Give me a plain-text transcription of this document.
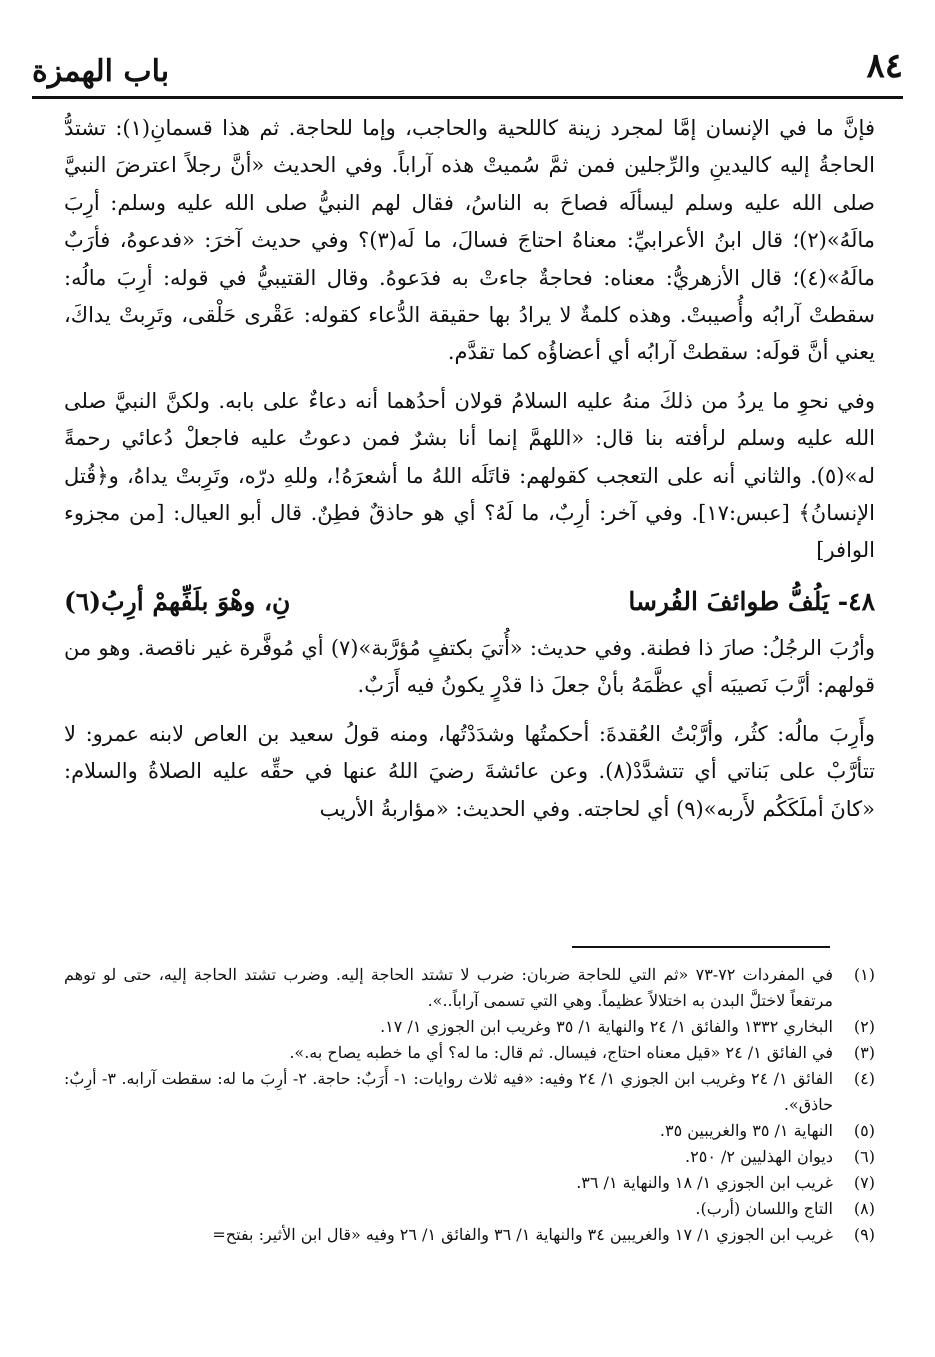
٨٤
باب الهمزة

فإنَّ ما في الإنسان إمَّا لمجرد زينة كاللحية والحاجب، وإما للحاجة. ثم هذا قسمانِ(١): تشتدُّ الحاجةُ إليه كاليدينِ والرِّجلين فمن ثمَّ سُميتْ هذه آراباً. وفي الحديث «أنَّ رجلاً اعترضَ النبيَّ صلى الله عليه وسلم ليسألَه فصاحَ به الناسُ، فقال لهم النبيُّ صلى الله عليه وسلم: أرِبَ مالَهُ»(٢)؛ قال ابنُ الأعرابيِّ: معناهُ احتاجَ فسالَ، ما لَه(٣)؟ وفي حديث آخرَ: «فدعوهُ، فأرَبٌ مالَهُ»(٤)؛ قال الأزهريُّ: معناه: فحاجةٌ جاءتْ به فدَعوهُ. وقال القتيبيُّ في قوله: أرِبَ مالُه: سقطتْ آرابُه وأُصيبتْ. وهذه كلمةٌ لا يرادُ بها حقيقة الدُّعاء كقوله: عَقْرى حَلْقى، وتَرِبتْ يداكَ، يعني أنَّ قولَه: سقطتْ آرابُه أي أعضاؤُه كما تقدَّم.

وفي نحوِ ما يردُ من ذلكَ منهُ عليه السلامُ قولان أحدُهما أنه دعاءٌ على بابه. ولكنَّ النبيَّ صلى الله عليه وسلم لرأفته بنا قال: «اللهمَّ إنما أنا بشرٌ فمن دعوتُ عليه فاجعلْ دُعائي رحمةً له»(٥). والثاني أنه على التعجب كقولهم: قاتَلَه اللهُ ما أشعرَهُ!، وللهِ درّه، وتَرِبتْ يداهُ، و﴿قُتل الإنسانُ﴾ [عبس:١٧]. وفي آخر: أرِبٌ، ما لَهُ؟ أي هو حاذقٌ فطِنٌ. قال أبو العيال: [من مجزوء الوافر]

٤٨- يَلُفُّ طوائفَ الفُرسا
نِ، وهْوَ بلَفِّهمْ أرِبُ(٦)

وأرُبَ الرجُلُ: صارَ ذا فطنة. وفي حديث: «أُتيَ بكتفٍ مُؤرَّبة»(٧) أي مُوفَّرة غير ناقصة. وهو من قولهم: أرَّبَ نَصيبَه أي عظَّمَهُ بأنْ جعلَ ذا قدْرٍ يكونُ فيه أَرَبٌ.

وأَرِبَ مالُه: كثُر، وأرَّبْتُ العُقدةَ: أحكمتُها وشدَدْتُها، ومنه قولُ سعيد بن العاص لابنه عمرو: لا تتأرَّبْ على بَناتي أي تتشدَّدْ(٨). وعن عائشةَ رضيَ اللهُ عنها في حقِّه عليه الصلاةُ والسلام: «كانَ أملَكَكُم لأَربه»(٩) أي لحاجته. وفي الحديث: «مؤاربةُ الأريب

(١)
في المفردات ٧٢-٧٣ «ثم التي للحاجة ضربان: ضرب لا تشتد الحاجة إليه. وضرب تشتد الحاجة إليه، حتى لو توهم مرتفعاً لاختلَّ البدن به اختلالاً عظيماً. وهي التي تسمى آراباً..».
(٢)
البخاري ١٣٣٢ والفائق ١/ ٢٤ والنهاية ١/ ٣٥ وغريب ابن الجوزي ١/ ١٧.
(٣)
في الفائق ١/ ٢٤ «قيل معناه احتاج، فيسال. ثم قال: ما له؟ أي ما خطبه يصاح به.».
(٤)
الفائق ١/ ٢٤ وغريب ابن الجوزي ١/ ٢٤ وفيه: «فيه ثلاث روايات: ١- أَرَبٌ: حاجة. ٢- أرِبَ ما له: سقطت آرابه. ٣- أرِبٌ: حاذق».
(٥)
النهاية ١/ ٣٥ والغريبين ٣٥.
(٦)
ديوان الهذليين ٢/ ٢٥٠.
(٧)
غريب ابن الجوزي ١/ ١٨ والنهاية ١/ ٣٦.
(٨)
التاج واللسان (أرب).
(٩)
غريب ابن الجوزي ١/ ١٧ والغريبين ٣٤ والنهاية ١/ ٣٦ والفائق ١/ ٢٦ وفيه «قال ابن الأثير: بفتح=
